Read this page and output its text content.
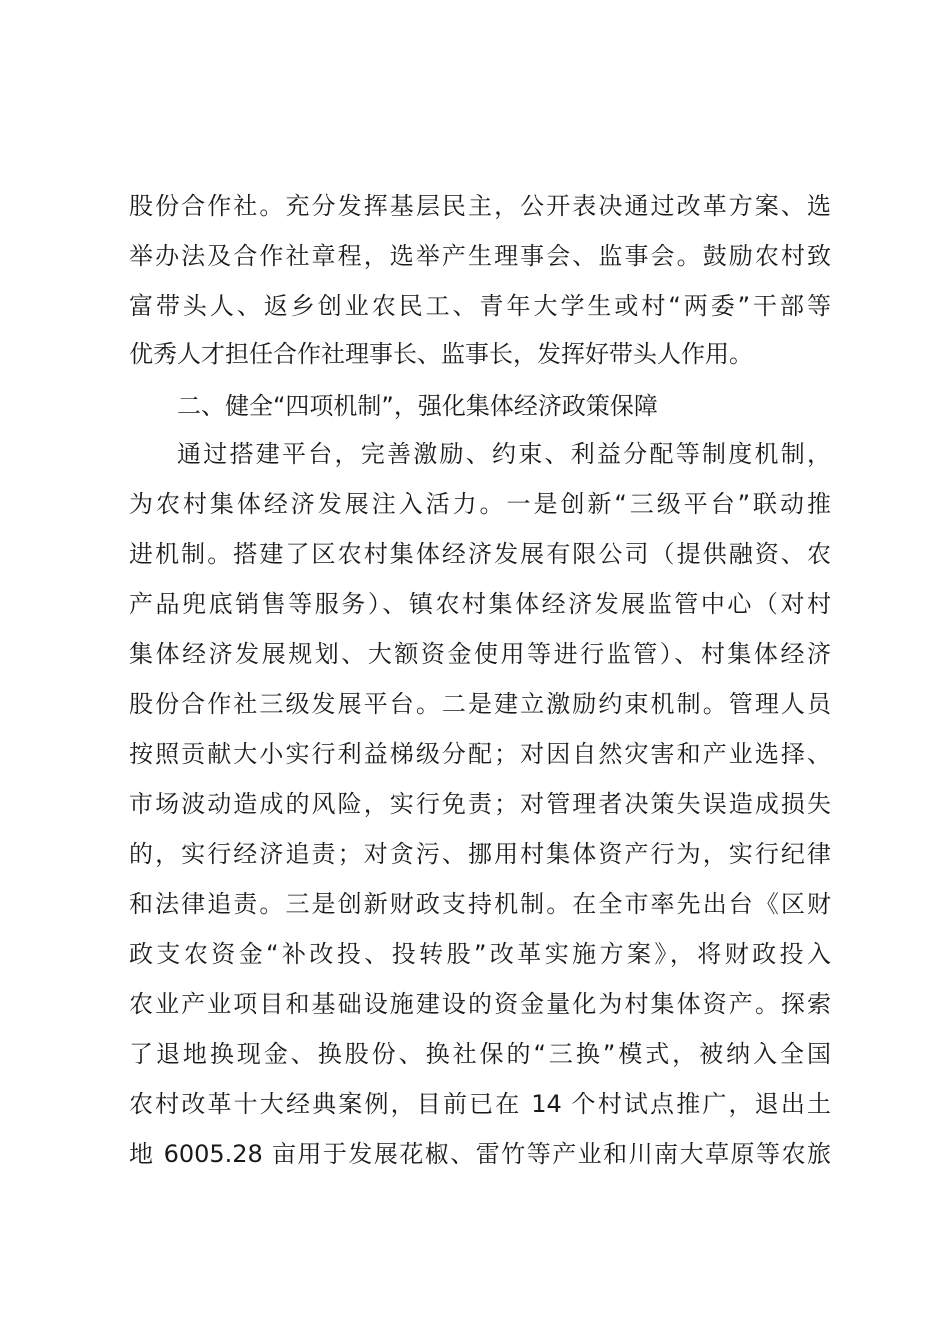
股份合作社。充分发挥基层民主，公开表决通过改革方案、选
举办法及合作社章程，选举产生理事会、监事会。鼓励农村致
富带头人、返乡创业农民工、青年大学生或村“两委”干部等
优秀人才担任合作社理事长、监事长，发挥好带头人作用。
二、健全“四项机制”，强化集体经济政策保障
通过搭建平台，完善激励、约束、利益分配等制度机制，
为农村集体经济发展注入活力。一是创新“三级平台”联动推
进机制。搭建了区农村集体经济发展有限公司（提供融资、农
产品兜底销售等服务）、镇农村集体经济发展监管中心（对村
集体经济发展规划、大额资金使用等进行监管）、村集体经济
股份合作社三级发展平台。二是建立激励约束机制。管理人员
按照贡献大小实行利益梯级分配；对因自然灾害和产业选择、
市场波动造成的风险，实行免责；对管理者决策失误造成损失
的，实行经济追责；对贪污、挪用村集体资产行为，实行纪律
和法律追责。三是创新财政支持机制。在全市率先出台《区财
政支农资金“补改投、投转股”改革实施方案》，将财政投入
农业产业项目和基础设施建设的资金量化为村集体资产。探索
了退地换现金、换股份、换社保的“三换”模式，被纳入全国
农村改革十大经典案例，目前已在 14 个村试点推广，退出土
地 6005.28 亩用于发展花椒、雷竹等产业和川南大草原等农旅
